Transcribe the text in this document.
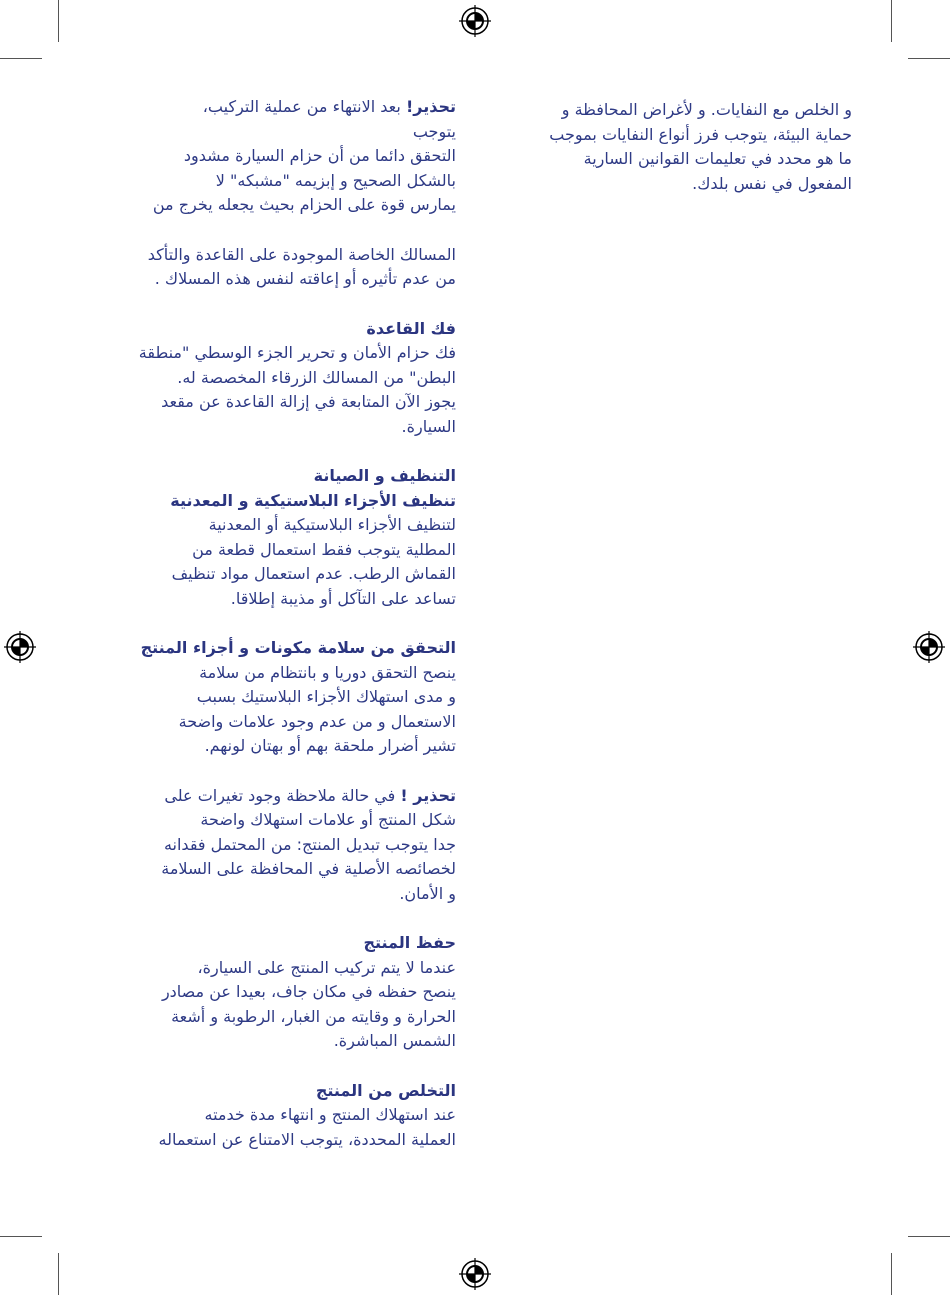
و الخلص مع النفايات. و لأغراض المحافظة و

حماية البيئة، يتوجب فرز أنواع النفايات بموجب

ما هو محدد في تعليمات القوانين السارية

المفعول في نفس بلدك.

تحذير! بعد الانتهاء من عملية التركيب،

يتوجب

التحقق دائما من أن حزام السيارة مشدود

بالشكل الصحيح و إبزيمه "مشبكه" لا

يمارس قوة على الحزام بحيث يجعله يخرج من

المسالك الخاصة الموجودة على القاعدة والتأكد

من عدم تأثيره أو إعاقته لنفس هذه المسلاك .

فك القاعدة

فك حزام الأمان و تحرير الجزء الوسطي "منطقة

البطن" من المسالك الزرقاء المخصصة له.

يجوز الآن المتابعة في إزالة القاعدة عن مقعد

السيارة.

التنظيف و الصيانة

تنظيف الأجزاء البلاستيكية و المعدنية

لتنظيف الأجزاء البلاستيكية أو المعدنية

المطلية يتوجب فقط استعمال قطعة من

القماش الرطب. عدم استعمال مواد تنظيف

تساعد على التآكل أو مذيبة إطلاقا.

التحقق من سلامة مكونات و أجزاء المنتج

ينصح التحقق دوريا و بانتظام من سلامة

و مدى استهلاك الأجزاء البلاستيك بسبب

الاستعمال و من عدم وجود علامات واضحة

تشير أضرار ملحقة بهم أو بهتان لونهم.

تحذير ! في حالة ملاحظة وجود تغيرات على

شكل المنتج أو علامات استهلاك واضحة

جدا يتوجب تبديل المنتج: من المحتمل فقدانه

لخصائصه الأصلية في المحافظة على السلامة

و الأمان.

حفظ المنتج

عندما لا يتم تركيب المنتج على السيارة،

ينصح حفظه في مكان جاف، بعيدا عن مصادر

الحرارة و وقايته من الغبار، الرطوبة و أشعة

الشمس المباشرة.

التخلص من المنتج

عند استهلاك المنتج و انتهاء مدة خدمته

العملية المحددة، يتوجب الامتناع عن استعماله
